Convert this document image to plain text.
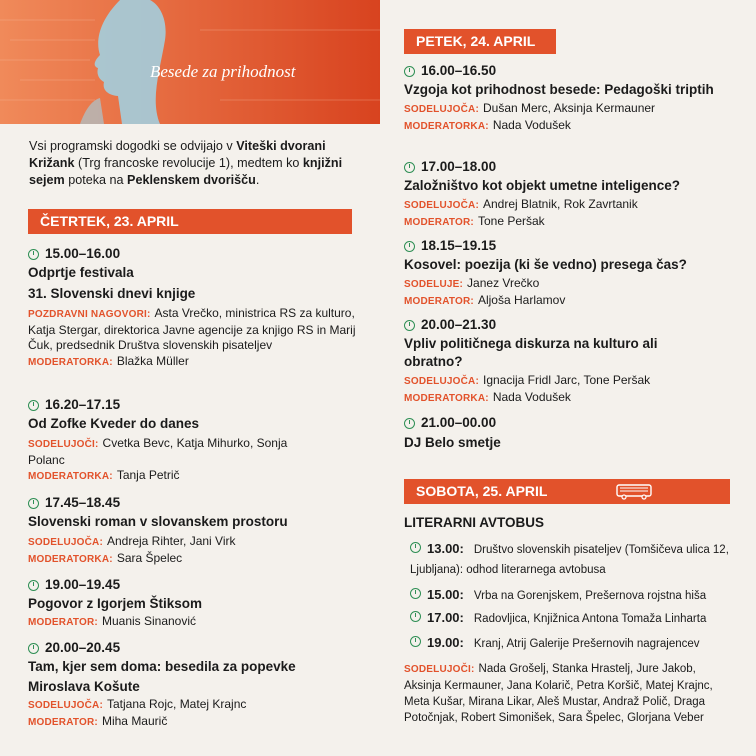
Besede za prihodnost
Vsi programski dogodki se odvijajo v Viteški dvorani Križank (Trg francoske revolucije 1), medtem ko knjižni sejem poteka na Peklenskem dvorišču.
ČETRTEK, 23. APRIL
15.00–16.00
Odprtje festivala
31. Slovenski dnevi knjige
POZDRAVNI NAGOVORI: Asta Vrečko, ministrica RS za kulturo, Katja Stergar, direktorica Javne agencije za knjigo RS in Marij Čuk, predsednik Društva slovenskih pisateljev
MODERATORKA: Blažka Müller
16.20–17.15
Od Zofke Kveder do danes
SODELUJOČI: Cvetka Bevc, Katja Mihurko, Sonja Polanc
MODERATORKA: Tanja Petrič
17.45–18.45
Slovenski roman v slovanskem prostoru
SODELUJOČA: Andreja Rihter, Jani Virk
MODERATORKA: Sara Špelec
19.00–19.45
Pogovor z Igorjem Štiksom
MODERATOR: Muanis Sinanović
20.00–20.45
Tam, kjer sem doma: besedila za popevke
Miroslava Košute
SODELUJOČA: Tatjana Rojc, Matej Krajnc
MODERATOR: Miha Maurič
PETEK, 24. APRIL
16.00–16.50
Vzgoja kot prihodnost besede: Pedagoški triptih
SODELUJOČA: Dušan Merc, Aksinja Kermauner
MODERATORKA: Nada Vodušek
17.00–18.00
Založništvo kot objekt umetne inteligence?
SODELUJOČA: Andrej Blatnik, Rok Zavrtanik
MODERATOR: Tone Peršak
18.15–19.15
Kosovel: poezija (ki še vedno) presega čas?
SODELUJE: Janez Vrečko
MODERATOR: Aljoša Harlamov
20.00–21.30
Vpliv političnega diskurza na kulturo ali obratno?
SODELUJOČA: Ignacija Fridl Jarc, Tone Peršak
MODERATORKA: Nada Vodušek
21.00–00.00
DJ Belo smetje
SOBOTA, 25. APRIL
LITERARNI AVTOBUS
13.00: Društvo slovenskih pisateljev (Tomšičeva ulica 12, Ljubljana): odhod literarnega avtobusa
15.00: Vrba na Gorenjskem, Prešernova rojstna hiša
17.00: Radovljica, Knjižnica Antona Tomaža Linharta
19.00: Kranj, Atrij Galerije Prešernovih nagrajencev
SODELUJOČI: Nada Grošelj, Stanka Hrastelj, Jure Jakob, Aksinja Kermauner, Jana Kolarič, Petra Koršič, Matej Krajnc, Meta Kušar, Mirana Likar, Aleš Mustar, Andraž Polič, Draga Potočnjak, Robert Simonišek, Sara Špelec, Glorjana Veber
